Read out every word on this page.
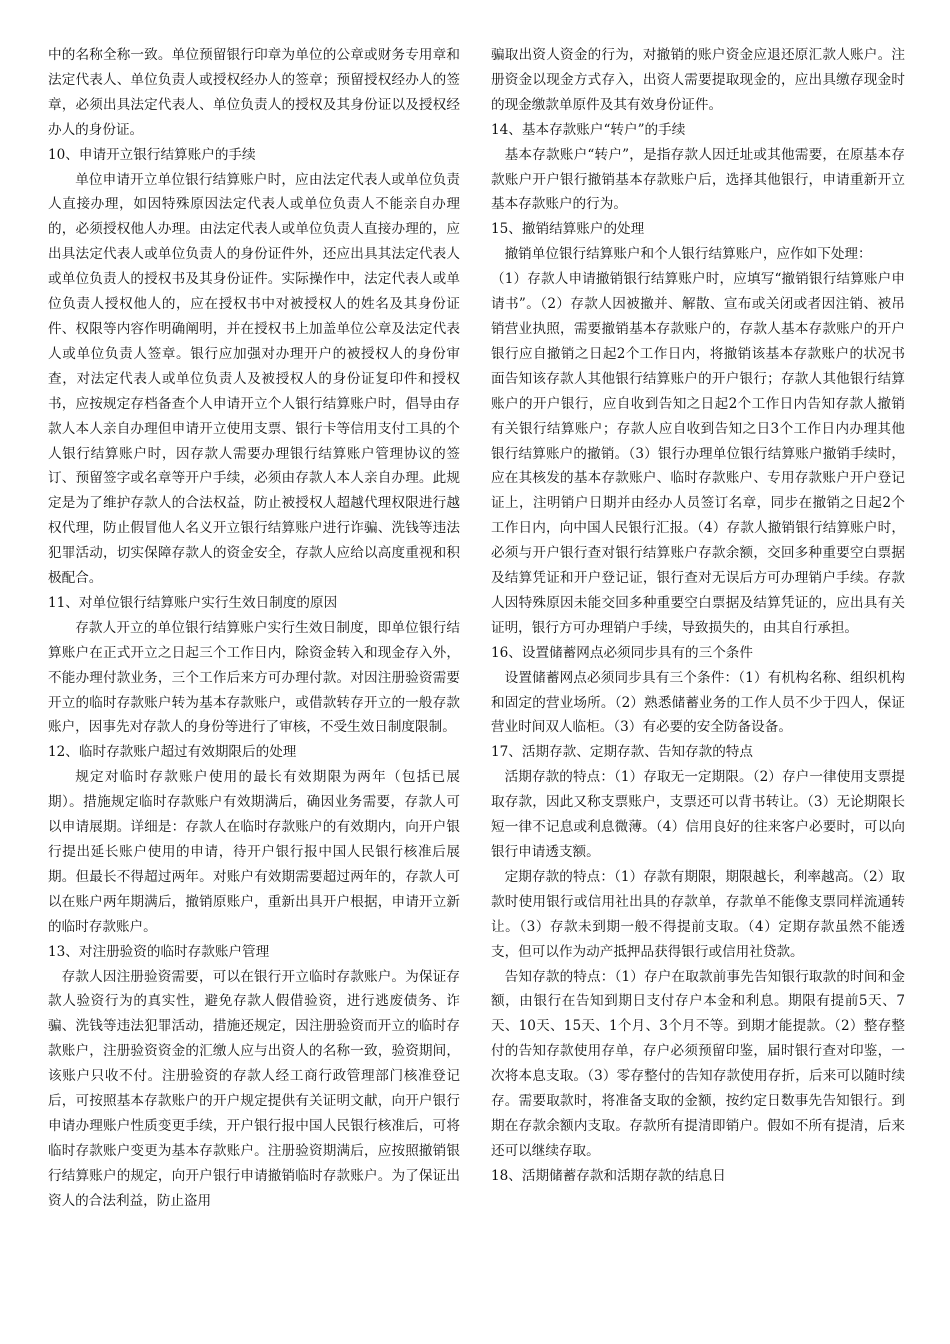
中的名称全称一致。单位预留银行印章为单位的公章或财务专用章和法定代表人、单位负责人或授权经办人的签章；预留授权经办人的签章，必须出具法定代表人、单位负责人的授权及其身份证以及授权经办人的身份证。

10、申请开立银行结算账户的手续

单位申请开立单位银行结算账户时，应由法定代表人或单位负责人直接办理，如因特殊原因法定代表人或单位负责人不能亲自办理的，必须授权他人办理。由法定代表人或单位负责人直接办理的，应出具法定代表人或单位负责人的身份证件外，还应出具其法定代表人或单位负责人的授权书及其身份证件。实际操作中，法定代表人或单位负责人授权他人的，应在授权书中对被授权人的姓名及其身份证件、权限等内容作明确阐明，并在授权书上加盖单位公章及法定代表人或单位负责人签章。银行应加强对办理开户的被授权人的身份审查，对法定代表人或单位负责人及被授权人的身份证复印件和授权书，应按规定存档备查个人申请开立个人银行结算账户时，倡导由存款人本人亲自办理但申请开立使用支票、银行卡等信用支付工具的个人银行结算账户时，因存款人需要办理银行结算账户管理协议的签订、预留签字或名章等开户手续，必须由存款人本人亲自办理。此规定是为了维护存款人的合法权益，防止被授权人超越代理权限进行越权代理，防止假冒他人名义开立银行结算账户进行诈骗、洗钱等违法犯罪活动，切实保障存款人的资金安全，存款人应给以高度重视和积极配合。

11、对单位银行结算账户实行生效日制度的原因

存款人开立的单位银行结算账户实行生效日制度，即单位银行结算账户在正式开立之日起三个工作日内，除资金转入和现金存入外，不能办理付款业务，三个工作后来方可办理付款。对因注册验资需要开立的临时存款账户转为基本存款账户，或借款转存开立的一般存款账户，因事先对存款人的身份等进行了审核，不受生效日制度限制。

12、临时存款账户超过有效期限后的处理

规定对临时存款账户使用的最长有效期限为两年（包括已展期）。措施规定临时存款账户有效期满后，确因业务需要，存款人可以申请展期。详细是：存款人在临时存款账户的有效期内，向开户银行提出延长账户使用的申请，待开户银行报中国人民银行核准后展期。但最长不得超过两年。对账户有效期需要超过两年的，存款人可以在账户两年期满后，撤销原账户，重新出具开户根据，申请开立新的临时存款账户。

13、对注册验资的临时存款账户管理

存款人因注册验资需要，可以在银行开立临时存款账户。为保证存款人验资行为的真实性，避免存款人假借验资，进行逃废债务、诈骗、洗钱等违法犯罪活动，措施还规定，因注册验资而开立的临时存款账户，注册验资资金的汇缴人应与出资人的名称一致，验资期间，该账户只收不付。注册验资的存款人经工商行政管理部门核准登记后，可按照基本存款账户的开户规定提供有关证明文献，向开户银行申请办理账户性质变更手续，开户银行报中国人民银行核准后，可将临时存款账户变更为基本存款账户。注册验资期满后，应按照撤销银行结算账户的规定，向开户银行申请撤销临时存款账户。为了保证出资人的合法利益，防止盗用

骗取出资人资金的行为，对撤销的账户资金应退还原汇款人账户。注册资金以现金方式存入，出资人需要提取现金的，应出具缴存现金时的现金缴款单原件及其有效身份证件。

14、基本存款账户“转户”的手续

基本存款账户“转户”，是指存款人因迁址或其他需要，在原基本存款账户开户银行撤销基本存款账户后，选择其他银行，申请重新开立基本存款账户的行为。

15、撤销结算账户的处理

撤销单位银行结算账户和个人银行结算账户，应作如下处理：

（1）存款人申请撤销银行结算账户时，应填写“撤销银行结算账户申请书”。（2）存款人因被撤并、解散、宣布或关闭或者因注销、被吊销营业执照，需要撤销基本存款账户的，存款人基本存款账户的开户银行应自撤销之日起2个工作日内，将撤销该基本存款账户的状况书面告知该存款人其他银行结算账户的开户银行；存款人其他银行结算账户的开户银行，应自收到告知之日起2个工作日内告知存款人撤销有关银行结算账户；存款人应自收到告知之日3个工作日内办理其他银行结算账户的撤销。（3）银行办理单位银行结算账户撤销手续时，应在其核发的基本存款账户、临时存款账户、专用存款账户开户登记证上，注明销户日期并由经办人员签订名章，同步在撤销之日起2个工作日内，向中国人民银行汇报。（4）存款人撤销银行结算账户时，必须与开户银行查对银行结算账户存款余额，交回多种重要空白票据及结算凭证和开户登记证，银行查对无误后方可办理销户手续。存款人因特殊原因未能交回多种重要空白票据及结算凭证的，应出具有关证明，银行方可办理销户手续，导致损失的，由其自行承担。

16、设置储蓄网点必须同步具有的三个条件

设置储蓄网点必须同步具有三个条件：（1）有机构名称、组织机构和固定的营业场所。（2）熟悉储蓄业务的工作人员不少于四人，保证营业时间双人临柜。（3）有必要的安全防备设备。

17、活期存款、定期存款、告知存款的特点

活期存款的特点：（1）存取无一定期限。（2）存户一律使用支票提取存款，因此又称支票账户，支票还可以背书转让。（3）无论期限长短一律不记息或利息微薄。（4）信用良好的往来客户必要时，可以向银行申请透支额。

定期存款的特点：（1）存款有期限，期限越长，利率越高。（2）取款时使用银行或信用社出具的存款单，存款单不能像支票同样流通转让。（3）存款未到期一般不得提前支取。（4）定期存款虽然不能透支，但可以作为动产抵押品获得银行或信用社贷款。

告知存款的特点：（1）存户在取款前事先告知银行取款的时间和金额，由银行在告知到期日支付存户本金和利息。期限有提前5天、7天、10天、15天、1个月、3个月不等。到期才能提款。（2）整存整付的告知存款使用存单，存户必须预留印鉴，届时银行查对印鉴，一次将本息支取。（3）零存整付的告知存款使用存折，后来可以随时续存。需要取款时，将准备支取的金额，按约定日数事先告知银行。到期在存款余额内支取。存款所有提清即销户。假如不所有提清，后来还可以继续存取。

18、活期储蓄存款和活期存款的结息日
